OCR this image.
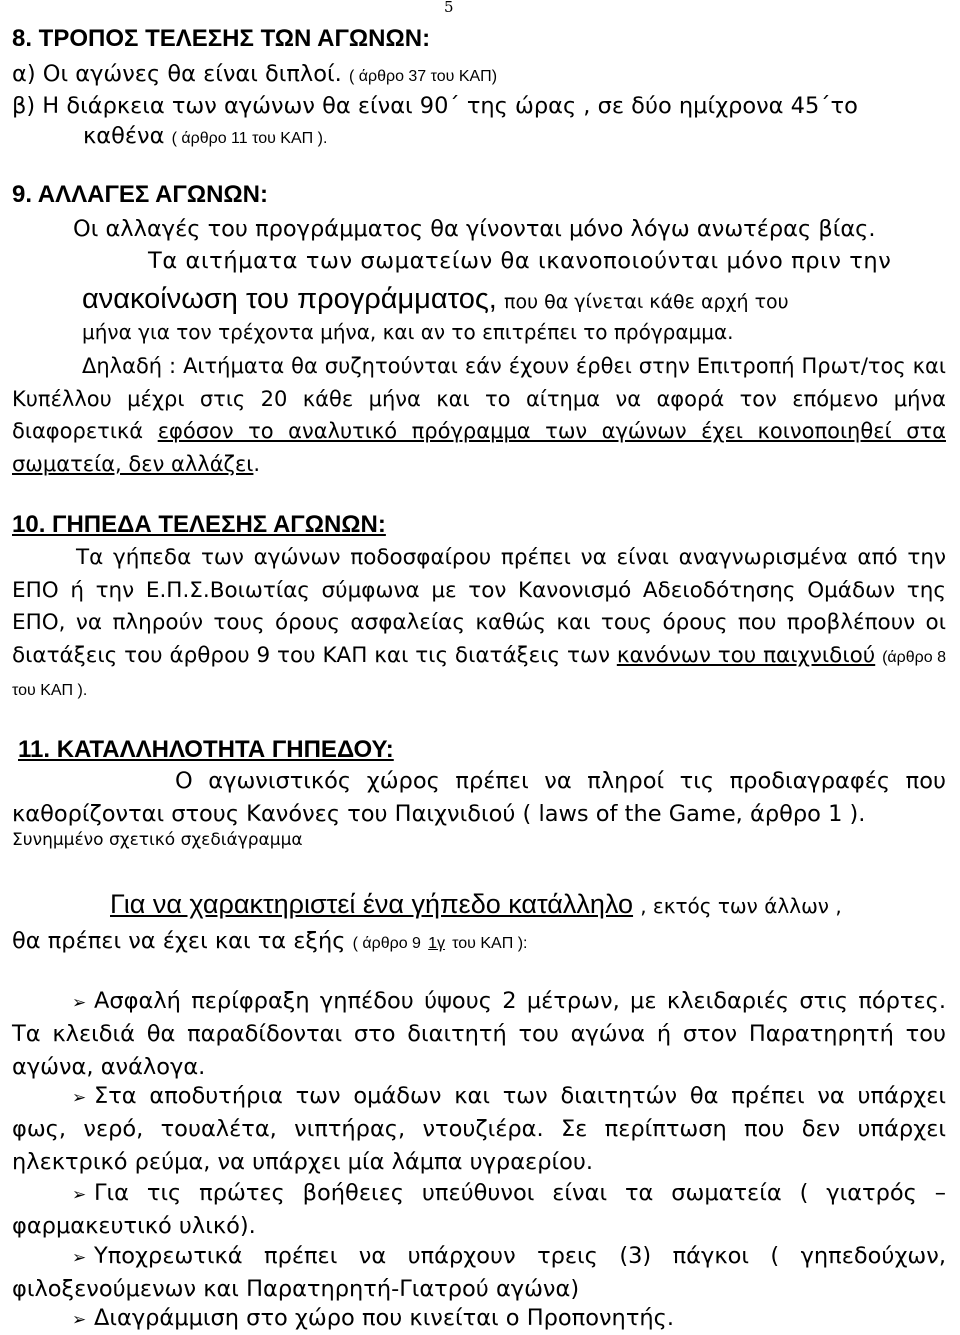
5
8. ΤΡΟΠΟΣ ΤΕΛΕΣΗΣ ΤΩΝ ΑΓΩΝΩΝ:
α) Οι αγώνες θα είναι διπλοί. ( άρθρο 37 του ΚΑΠ)
β) Η διάρκεια των αγώνων θα είναι 90΄ της ώρας , σε δύο ημίχρονα 45΄το
καθένα ( άρθρο 11 του ΚΑΠ ).
9. ΑΛΛΑΓΕΣ ΑΓΩΝΩΝ:
Οι αλλαγές του προγράμματος θα γίνονται μόνο λόγω ανωτέρας βίας.
Τα αιτήματα των σωματείων θα ικανοποιούνται μόνο πριν την
ανακοίνωση του προγράμματος, που θα γίνεται κάθε αρχή του
μήνα για τον τρέχοντα μήνα, και αν το επιτρέπει το πρόγραμμα.
Δηλαδή : Αιτήματα θα συζητούνται εάν έχουν έρθει στην Επιτροπή Πρωτ/τος και Κυπέλλου μέχρι στις 20 κάθε μήνα και το αίτημα να αφορά τον επόμενο μήνα διαφορετικά εφόσον το αναλυτικό πρόγραμμα των αγώνων έχει κοινοποιηθεί στα σωματεία, δεν αλλάζει.
10. ΓΗΠΕΔΑ ΤΕΛΕΣΗΣ ΑΓΩΝΩΝ:
Τα γήπεδα των αγώνων ποδοσφαίρου πρέπει να είναι αναγνωρισμένα από την ΕΠΟ ή την Ε.Π.Σ.Βοιωτίας σύμφωνα με τον Κανονισμό Αδειοδότησης Ομάδων της ΕΠΟ, να πληρούν τους όρους ασφαλείας καθώς και τους όρους που προβλέπουν οι διατάξεις του άρθρου 9 του ΚΑΠ και τις διατάξεις των κανόνων του παιχνιδιού (άρθρο 8 του ΚΑΠ ).
11. ΚΑΤΑΛΛΗΛΟΤΗΤΑ ΓΗΠΕΔΟΥ:
Ο αγωνιστικός χώρος πρέπει να πληροί τις προδιαγραφές που καθορίζονται στους Κανόνες του Παιχνιδιού ( laws of the Game, άρθρο 1 ).
Συνημμένο σχετικό σχεδιάγραμμα
Για να χαρακτηριστεί ένα γήπεδο κατάλληλο , εκτός των άλλων ,
θα πρέπει να έχει και τα εξής ( άρθρο 9 1γ του ΚΑΠ ):
➢ Ασφαλή περίφραξη γηπέδου ύψους 2 μέτρων, με κλειδαριές στις πόρτες. Τα κλειδιά θα παραδίδονται στο διαιτητή του αγώνα ή στον Παρατηρητή του αγώνα, ανάλογα.
➢ Στα αποδυτήρια των ομάδων και των διαιτητών θα πρέπει να υπάρχει φως, νερό, τουαλέτα, νιπτήρας, ντουζιέρα. Σε περίπτωση που δεν υπάρχει ηλεκτρικό ρεύμα, να υπάρχει μία λάμπα υγραερίου.
➢ Για τις πρώτες βοήθειες υπεύθυνοι είναι τα σωματεία ( γιατρός – φαρμακευτικό υλικό).
➢ Υποχρεωτικά πρέπει να υπάρχουν τρεις (3) πάγκοι ( γηπεδούχων, φιλοξενούμενων και Παρατηρητή-Γιατρού αγώνα)
➢ Διαγράμμιση στο χώρο που κινείται ο Προπονητής.
